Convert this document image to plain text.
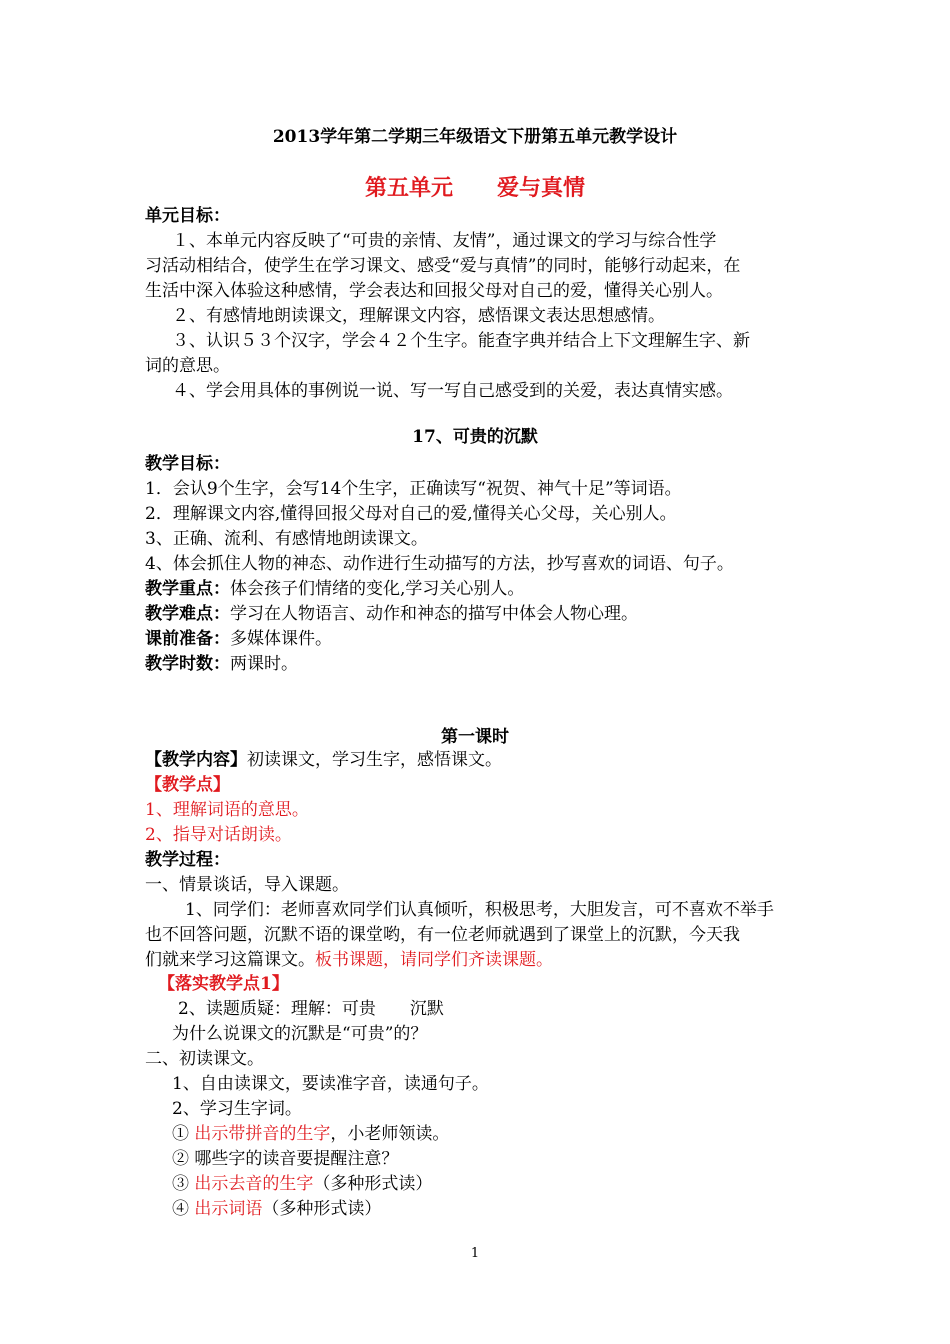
2013学年第二学期三年级语文下册第五单元教学设计
第五单元　　爱与真情
单元目标：
１、本单元内容反映了“可贵的亲情、友情”，通过课文的学习与综合性学
习活动相结合，使学生在学习课文、感受“爱与真情”的同时，能够行动起来，在
生活中深入体验这种感情，学会表达和回报父母对自己的爱，懂得关心别人。
２、有感情地朗读课文，理解课文内容，感悟课文表达思想感情。
３、认识５３个汉字，学会４２个生字。能查字典并结合上下文理解生字、新
词的意思。
４、学会用具体的事例说一说、写一写自己感受到的关爱，表达真情实感。
17、可贵的沉默
教学目标：
1．会认9个生字，会写14个生字，正确读写“祝贺、神气十足”等词语。
2．理解课文内容,懂得回报父母对自己的爱,懂得关心父母，关心别人。
3、正确、流利、有感情地朗读课文。
4、体会抓住人物的神态、动作进行生动描写的方法，抄写喜欢的词语、句子。
教学重点：体会孩子们情绪的变化,学习关心别人。
教学难点：学习在人物语言、动作和神态的描写中体会人物心理。
课前准备：多媒体课件。
教学时数：两课时。
第一课时
【教学内容】初读课文，学习生字，感悟课文。
【教学点】
1、理解词语的意思。
2、指导对话朗读。
教学过程：
一、情景谈话，导入课题。
1、同学们：老师喜欢同学们认真倾听，积极思考，大胆发言，可不喜欢不举手
也不回答问题，沉默不语的课堂哟，有一位老师就遇到了课堂上的沉默，今天我
们就来学习这篇课文。板书课题，请同学们齐读课题。
【落实教学点1】
2、读题质疑：理解：可贵　　沉默
为什么说课文的沉默是“可贵”的？
二、初读课文。
1、自由读课文，要读准字音，读通句子。
2、学习生字词。
① 出示带拼音的生字，小老师领读。
② 哪些字的读音要提醒注意？
③ 出示去音的生字（多种形式读）
④ 出示词语（多种形式读）
1
